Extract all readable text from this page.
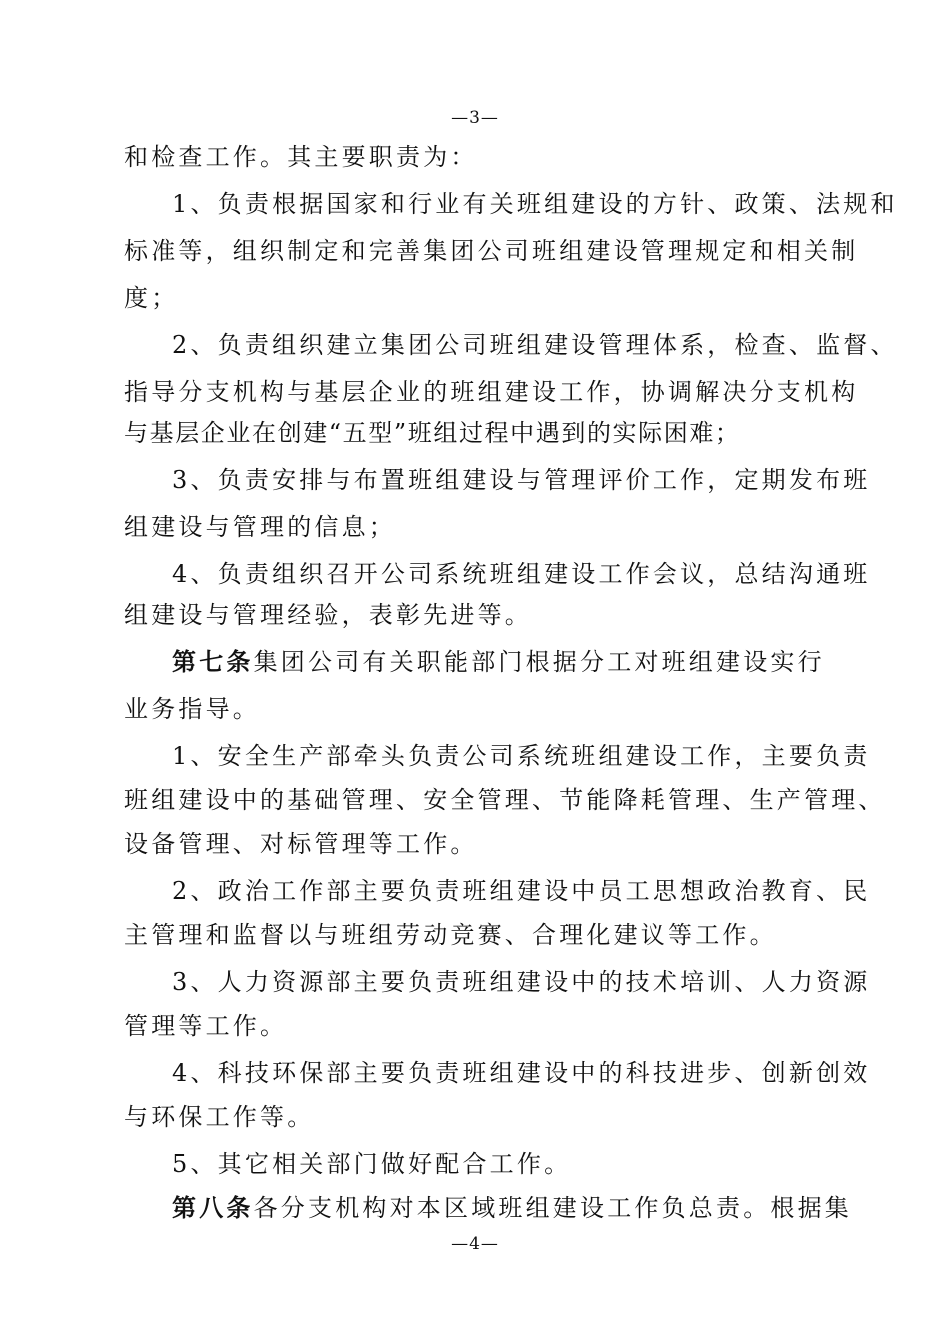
—3—
和检查工作。其主要职责为：
1、负责根据国家和行业有关班组建设的方针、政策、法规和
标准等，组织制定和完善集团公司班组建设管理规定和相关制
度；
2、负责组织建立集团公司班组建设管理体系，检查、监督、
指导分支机构与基层企业的班组建设工作，协调解决分支机构
与基层企业在创建“五型”班组过程中遇到的实际困难；
3、负责安排与布置班组建设与管理评价工作，定期发布班
组建设与管理的信息；
4、负责组织召开公司系统班组建设工作会议，总结沟通班
组建设与管理经验，表彰先进等。
第七条集团公司有关职能部门根据分工对班组建设实行
业务指导。
1、安全生产部牵头负责公司系统班组建设工作，主要负责
班组建设中的基础管理、安全管理、节能降耗管理、生产管理、
设备管理、对标管理等工作。
2、政治工作部主要负责班组建设中员工思想政治教育、民
主管理和监督以与班组劳动竞赛、合理化建议等工作。
3、人力资源部主要负责班组建设中的技术培训、人力资源
管理等工作。
4、科技环保部主要负责班组建设中的科技进步、创新创效
与环保工作等。
5、其它相关部门做好配合工作。
第八条各分支机构对本区域班组建设工作负总责。根据集
—4—
